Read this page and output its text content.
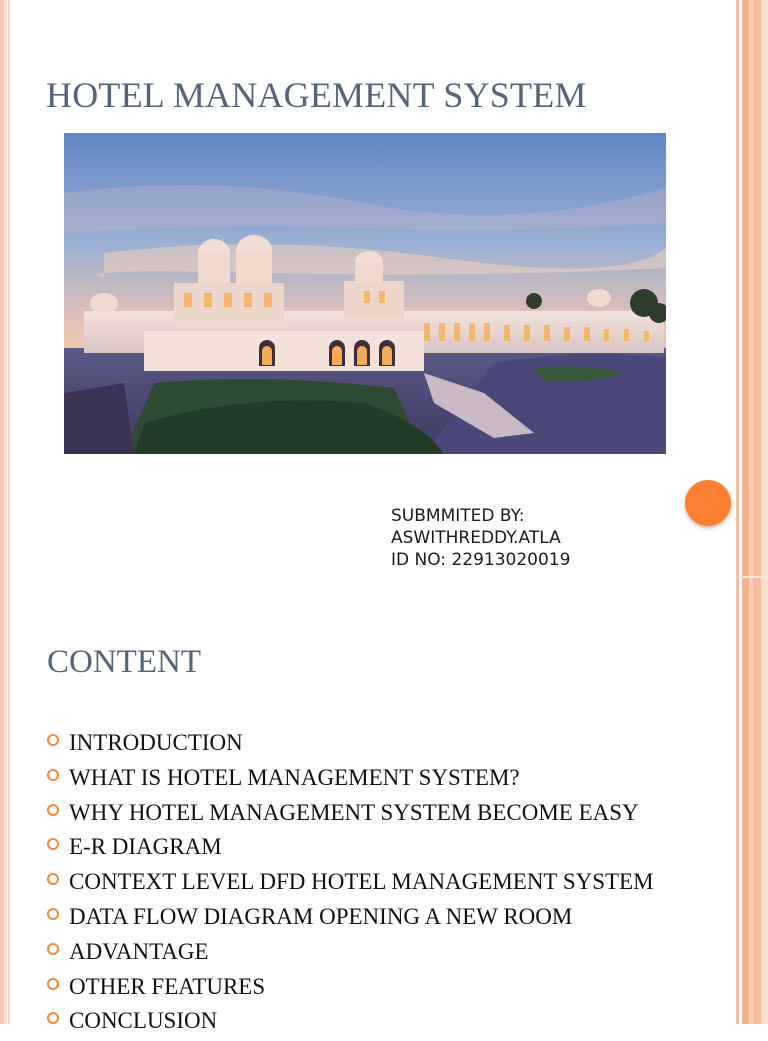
HOTEL MANAGEMENT SYSTEM
SUBMMITED BY:
ASWITHREDDY.ATLA
ID NO: 22913020019
CONTENT
INTRODUCTION
WHAT IS HOTEL MANAGEMENT SYSTEM?
WHY HOTEL MANAGEMENT SYSTEM BECOME EASY
E-R DIAGRAM
CONTEXT LEVEL DFD HOTEL MANAGEMENT SYSTEM
DATA FLOW DIAGRAM OPENING A NEW ROOM
ADVANTAGE
OTHER FEATURES
CONCLUSION
